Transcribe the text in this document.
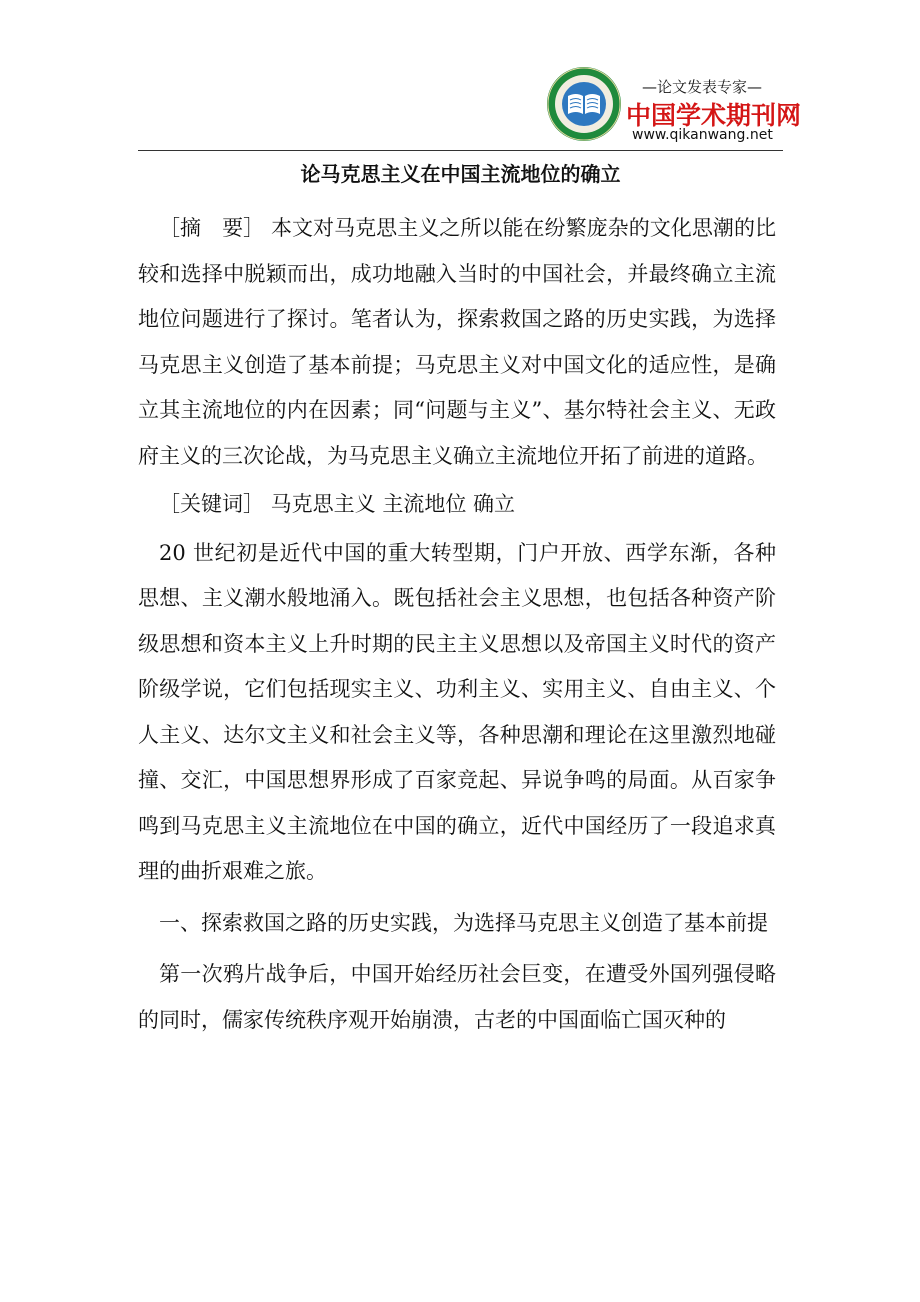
—论文发表专家—
中国学术期刊网
www.qikanwang.net
论马克思主义在中国主流地位的确立

［摘　要］ 本文对马克思主义之所以能在纷繁庞杂的文化思潮的比较和选择中脱颖而出，成功地融入当时的中国社会，并最终确立主流地位问题进行了探讨。笔者认为，探索救国之路的历史实践，为选择马克思主义创造了基本前提；马克思主义对中国文化的适应性，是确立其主流地位的内在因素；同“问题与主义”、基尔特社会主义、无政府主义的三次论战，为马克思主义确立主流地位开拓了前进的道路。

［关键词］ 马克思主义 主流地位 确立

20 世纪初是近代中国的重大转型期，门户开放、西学东渐，各种思想、主义潮水般地涌入。既包括社会主义思想，也包括各种资产阶级思想和资本主义上升时期的民主主义思想以及帝国主义时代的资产阶级学说，它们包括现实主义、功利主义、实用主义、自由主义、个人主义、达尔文主义和社会主义等，各种思潮和理论在这里激烈地碰撞、交汇，中国思想界形成了百家竞起、异说争鸣的局面。从百家争鸣到马克思主义主流地位在中国的确立，近代中国经历了一段追求真理的曲折艰难之旅。

一、探索救国之路的历史实践，为选择马克思主义创造了基本前提

第一次鸦片战争后，中国开始经历社会巨变，在遭受外国列强侵略的同时，儒家传统秩序观开始崩溃，古老的中国面临亡国灭种的
